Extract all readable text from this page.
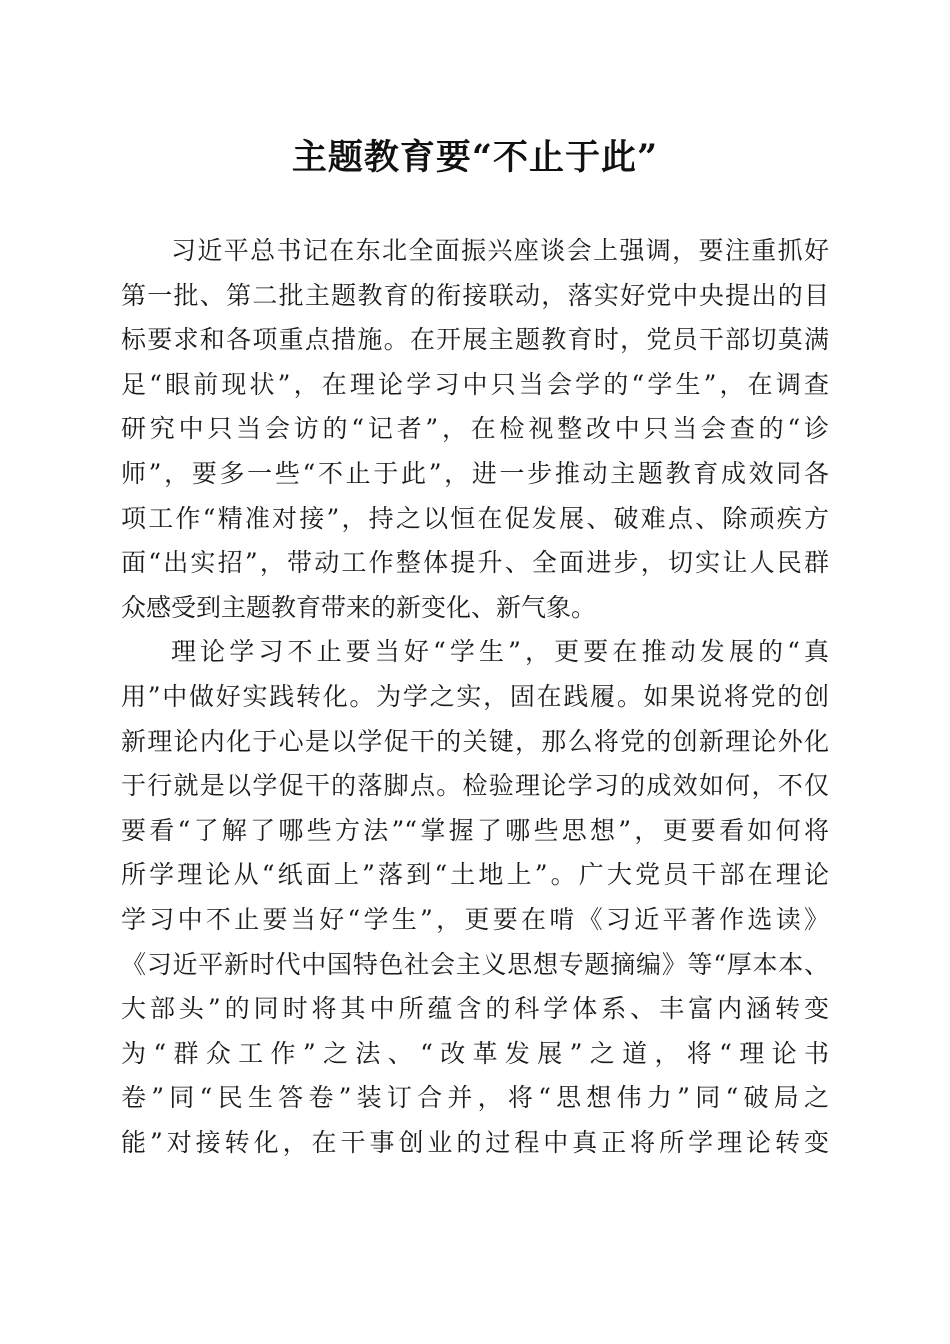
主题教育要“不止于此”
习近平总书记在东北全面振兴座谈会上强调，要注重抓好
第一批、第二批主题教育的衔接联动，落实好党中央提出的目
标要求和各项重点措施。在开展主题教育时，党员干部切莫满
足“眼前现状”，在理论学习中只当会学的“学生”，在调查
研究中只当会访的“记者”，在检视整改中只当会查的“诊
师”，要多一些“不止于此”，进一步推动主题教育成效同各
项工作“精准对接”，持之以恒在促发展、破难点、除顽疾方
面“出实招”，带动工作整体提升、全面进步，切实让人民群
众感受到主题教育带来的新变化、新气象。
理论学习不止要当好“学生”，更要在推动发展的“真
用”中做好实践转化。为学之实，固在践履。如果说将党的创
新理论内化于心是以学促干的关键，那么将党的创新理论外化
于行就是以学促干的落脚点。检验理论学习的成效如何，不仅
要看“了解了哪些方法”“掌握了哪些思想”，更要看如何将
所学理论从“纸面上”落到“土地上”。广大党员干部在理论
学习中不止要当好“学生”，更要在啃《习近平著作选读》
《习近平新时代中国特色社会主义思想专题摘编》等“厚本本、
大部头”的同时将其中所蕴含的科学体系、丰富内涵转变
为“群众工作”之法、“改革发展”之道，将“理论书
卷”同“民生答卷”装订合并，将“思想伟力”同“破局之
能”对接转化，在干事创业的过程中真正将所学理论转变
